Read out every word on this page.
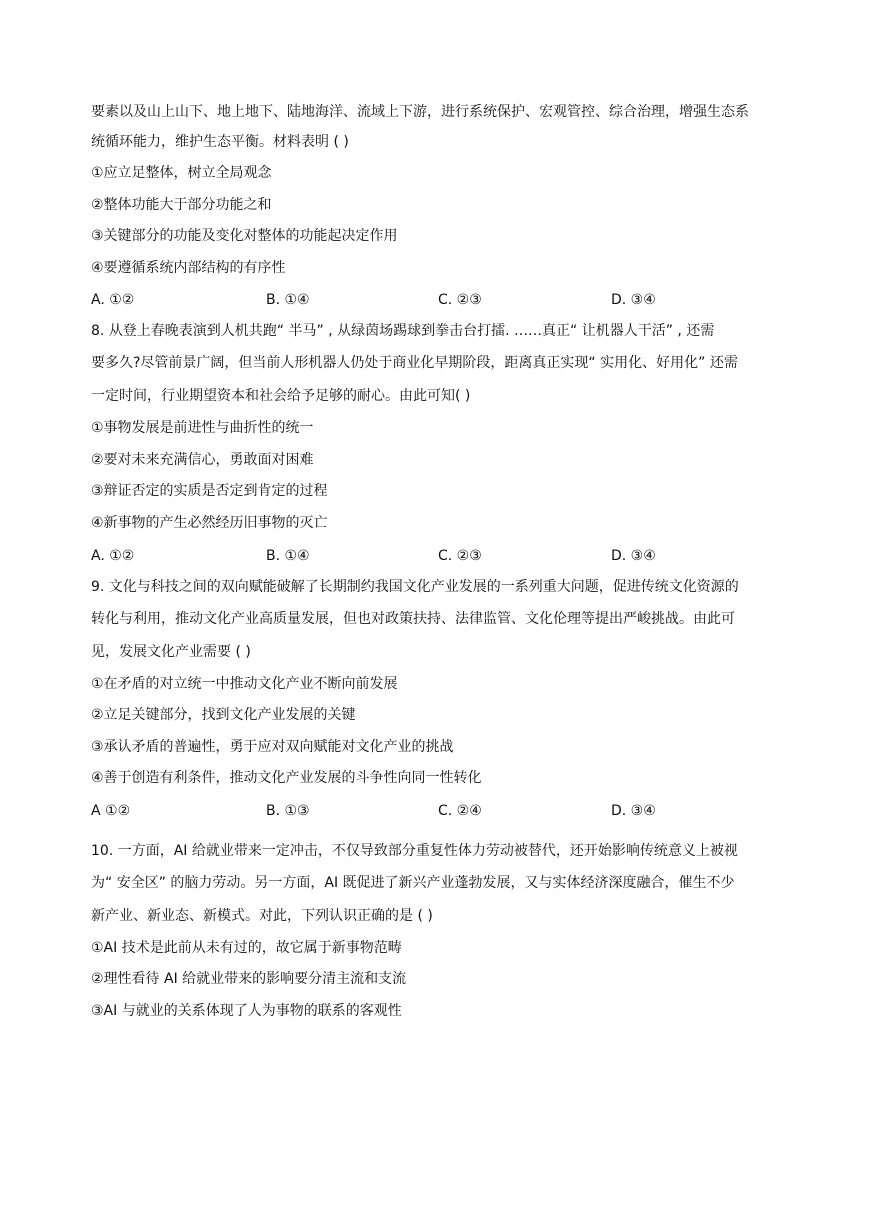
要素以及山上山下、地上地下、陆地海洋、流域上下游，进行系统保护、宏观管控、综合治理，增强生态系
统循环能力，维护生态平衡。材料表明 ( )
①应立足整体，树立全局观念
②整体功能大于部分功能之和
③关键部分的功能及变化对整体的功能起决定作用
④要遵循系统内部结构的有序性
A. ①②	B. ①④	C. ②③	D. ③④
8. 从登上春晚表演到人机共跑“ 半马” , 从绿茵场踢球到拳击台打擂. ……真正“ 让机器人干活” , 还需
要多久?尽管前景广阔，但当前人形机器人仍处于商业化早期阶段，距离真正实现“ 实用化、好用化” 还需
一定时间，行业期望资本和社会给予足够的耐心。由此可知( )
①事物发展是前进性与曲折性的统一
②要对未来充满信心，勇敢面对困难
③辩证否定的实质是否定到肯定的过程
④新事物的产生必然经历旧事物的灭亡
A. ①②	B. ①④	C. ②③	D. ③④
9. 文化与科技之间的双向赋能破解了长期制约我国文化产业发展的一系列重大问题，促进传统文化资源的
转化与利用，推动文化产业高质量发展，但也对政策扶持、法律监管、文化伦理等提出严峻挑战。由此可
见，发展文化产业需要 ( )
①在矛盾的对立统一中推动文化产业不断向前发展
②立足关键部分，找到文化产业发展的关键
③承认矛盾的普遍性，勇于应对双向赋能对文化产业的挑战
④善于创造有利条件，推动文化产业发展的斗争性向同一性转化
A ①②	B. ①③	C. ②④	D. ③④
10. 一方面，AI 给就业带来一定冲击，不仅导致部分重复性体力劳动被替代，还开始影响传统意义上被视
为“ 安全区” 的脑力劳动。另一方面，AI 既促进了新兴产业蓬勃发展，又与实体经济深度融合，催生不少
新产业、新业态、新模式。对此，下列认识正确的是 ( )
①AI 技术是此前从未有过的，故它属于新事物范畴
②理性看待 AI 给就业带来的影响要分清主流和支流
③AI 与就业的关系体现了人为事物的联系的客观性
